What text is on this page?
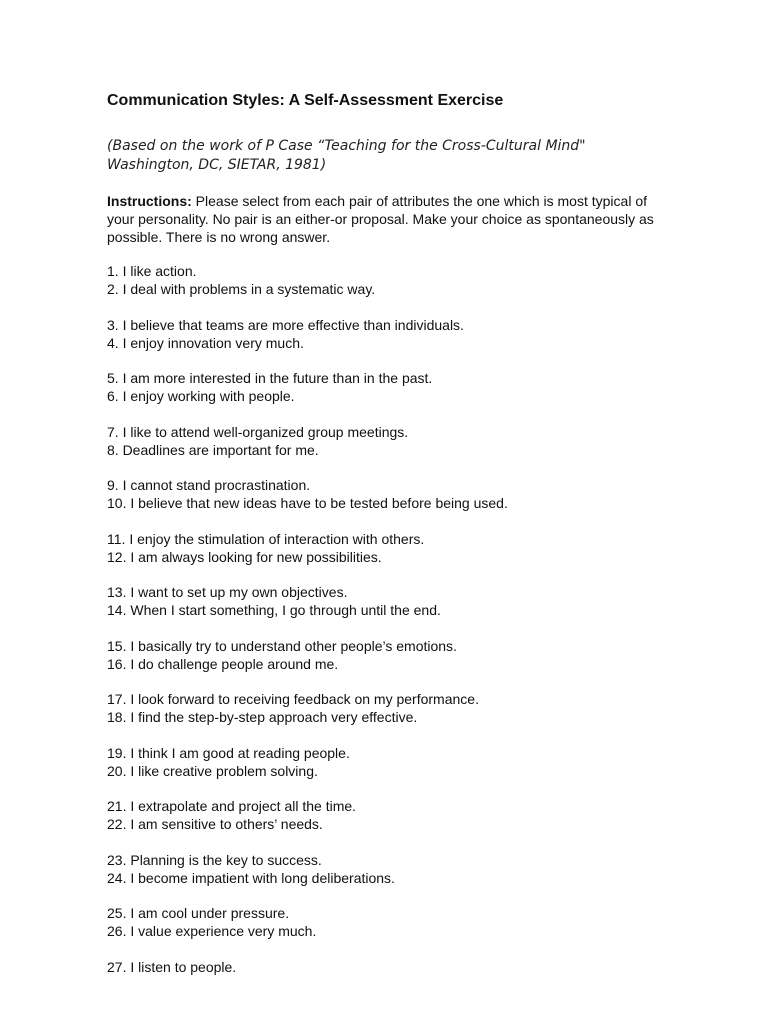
Communication Styles: A Self-Assessment Exercise
(Based on the work of P Case “Teaching for the Cross-Cultural Mind"
Washington, DC, SIETAR, 1981)
Instructions: Please select from each pair of attributes the one which is most typical of your personality. No pair is an either-or proposal. Make your choice as spontaneously as possible. There is no wrong answer.
1. I like action.
2. I deal with problems in a systematic way.
3. I believe that teams are more effective than individuals.
4. I enjoy innovation very much.
5. I am more interested in the future than in the past.
6. I enjoy working with people.
7. I like to attend well-organized group meetings.
8. Deadlines are important for me.
9. I cannot stand procrastination.
10. I believe that new ideas have to be tested before being used.
11. I enjoy the stimulation of interaction with others.
12. I am always looking for new possibilities.
13. I want to set up my own objectives.
14. When I start something, I go through until the end.
15. I basically try to understand other people’s emotions.
16. I do challenge people around me.
17. I look forward to receiving feedback on my performance.
18. I find the step-by-step approach very effective.
19. I think I am good at reading people.
20. I like creative problem solving.
21. I extrapolate and project all the time.
22. I am sensitive to others’ needs.
23. Planning is the key to success.
24. I become impatient with long deliberations.
25. I am cool under pressure.
26. I value experience very much.
27. I listen to people.
